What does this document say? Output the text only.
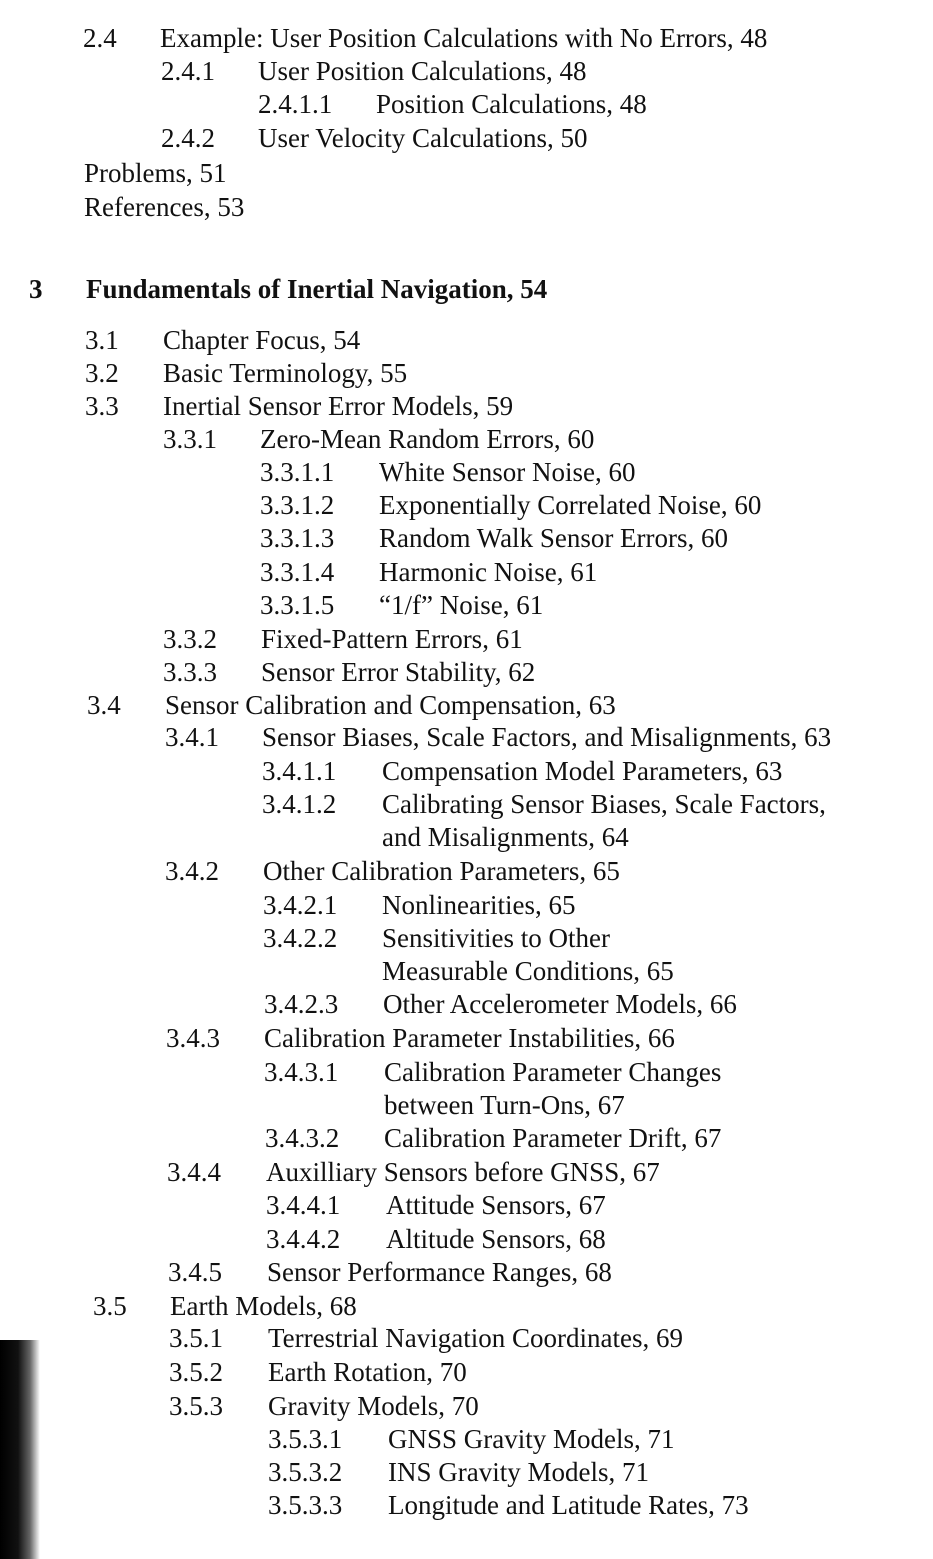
2.4 Example: User Position Calculations with No Errors, 48
2.4.1 User Position Calculations, 48
2.4.1.1 Position Calculations, 48
2.4.2 User Velocity Calculations, 50
Problems, 51
References, 53
3 Fundamentals of Inertial Navigation, 54
3.1 Chapter Focus, 54
3.2 Basic Terminology, 55
3.3 Inertial Sensor Error Models, 59
3.3.1 Zero-Mean Random Errors, 60
3.3.1.1 White Sensor Noise, 60
3.3.1.2 Exponentially Correlated Noise, 60
3.3.1.3 Random Walk Sensor Errors, 60
3.3.1.4 Harmonic Noise, 61
3.3.1.5 “1/f” Noise, 61
3.3.2 Fixed-Pattern Errors, 61
3.3.3 Sensor Error Stability, 62
3.4 Sensor Calibration and Compensation, 63
3.4.1 Sensor Biases, Scale Factors, and Misalignments, 63
3.4.1.1 Compensation Model Parameters, 63
3.4.1.2 Calibrating Sensor Biases, Scale Factors,
and Misalignments, 64
3.4.2 Other Calibration Parameters, 65
3.4.2.1 Nonlinearities, 65
3.4.2.2 Sensitivities to Other
Measurable Conditions, 65
3.4.2.3 Other Accelerometer Models, 66
3.4.3 Calibration Parameter Instabilities, 66
3.4.3.1 Calibration Parameter Changes
between Turn-Ons, 67
3.4.3.2 Calibration Parameter Drift, 67
3.4.4 Auxilliary Sensors before GNSS, 67
3.4.4.1 Attitude Sensors, 67
3.4.4.2 Altitude Sensors, 68
3.4.5 Sensor Performance Ranges, 68
3.5 Earth Models, 68
3.5.1 Terrestrial Navigation Coordinates, 69
3.5.2 Earth Rotation, 70
3.5.3 Gravity Models, 70
3.5.3.1 GNSS Gravity Models, 71
3.5.3.2 INS Gravity Models, 71
3.5.3.3 Longitude and Latitude Rates, 73
